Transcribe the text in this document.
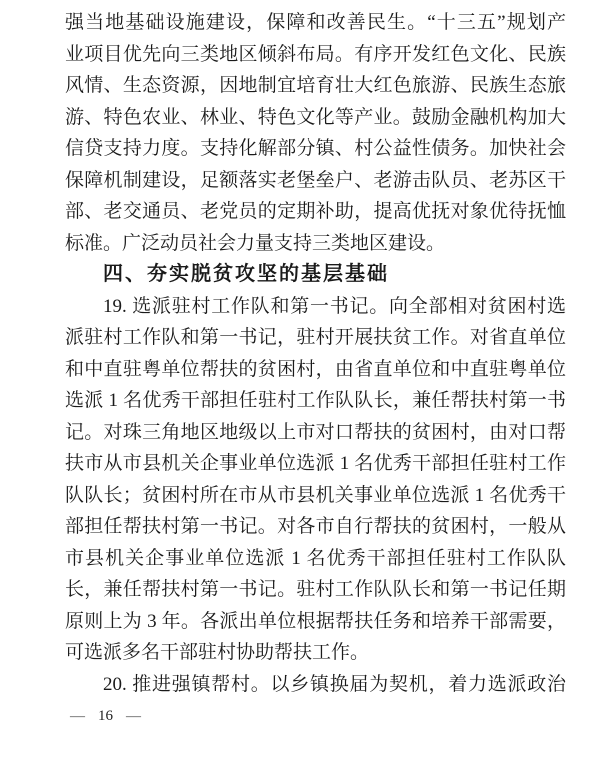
强当地基础设施建设，保障和改善民生。“十三五”规划产
业项目优先向三类地区倾斜布局。有序开发红色文化、民族
风情、生态资源，因地制宜培育壮大红色旅游、民族生态旅
游、特色农业、林业、特色文化等产业。鼓励金融机构加大
信贷支持力度。支持化解部分镇、村公益性债务。加快社会
保障机制建设，足额落实老堡垒户、老游击队员、老苏区干
部、老交通员、老党员的定期补助，提高优抚对象优待抚恤
标准。广泛动员社会力量支持三类地区建设。
四、夯实脱贫攻坚的基层基础
19. 选派驻村工作队和第一书记。向全部相对贫困村选
派驻村工作队和第一书记，驻村开展扶贫工作。对省直单位
和中直驻粤单位帮扶的贫困村，由省直单位和中直驻粤单位
选派 1 名优秀干部担任驻村工作队队长，兼任帮扶村第一书
记。对珠三角地区地级以上市对口帮扶的贫困村，由对口帮
扶市从市县机关企事业单位选派 1 名优秀干部担任驻村工作
队队长；贫困村所在市从市县机关事业单位选派 1 名优秀干
部担任帮扶村第一书记。对各市自行帮扶的贫困村，一般从
市县机关企事业单位选派 1 名优秀干部担任驻村工作队队
长，兼任帮扶村第一书记。驻村工作队队长和第一书记任期
原则上为 3 年。各派出单位根据帮扶任务和培养干部需要，
可选派多名干部驻村协助帮扶工作。
20. 推进强镇帮村。以乡镇换届为契机，着力选派政治
— 16 —
